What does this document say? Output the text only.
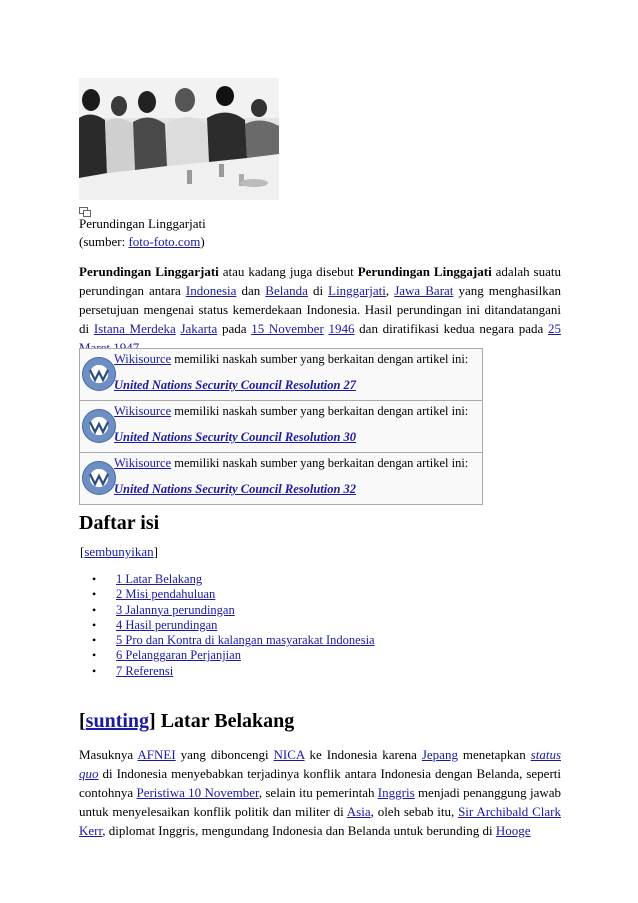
Perundingan Linggarjati
(sumber: foto-foto.com)
Perundingan Linggarjati atau kadang juga disebut Perundingan Linggajati adalah suatu perundingan antara Indonesia dan Belanda di Linggarjati, Jawa Barat yang menghasilkan persetujuan mengenai status kemerdekaan Indonesia. Hasil perundingan ini ditandatangani di Istana Merdeka Jakarta pada 15 November 1946 dan diratifikasi kedua negara pada 25
Wikisource memiliki naskah sumber yang berkaitan dengan artikel ini:
United Nations Security Council Resolution 27
Wikisource memiliki naskah sumber yang berkaitan dengan artikel ini:
United Nations Security Council Resolution 30
Wikisource memiliki naskah sumber yang berkaitan dengan artikel ini:
United Nations Security Council Resolution 32
Daftar isi
[sembunyikan]
• 1 Latar Belakang
• 2 Misi pendahuluan
• 3 Jalannya perundingan
• 4 Hasil perundingan
• 5 Pro dan Kontra di kalangan masyarakat Indonesia
• 6 Pelanggaran Perjanjian
• 7 Referensi
[sunting] Latar Belakang
Masuknya AFNEI yang diboncengi NICA ke Indonesia karena Jepang menetapkan status quo di Indonesia menyebabkan terjadinya konflik antara Indonesia dengan Belanda, seperti contohnya Peristiwa 10 November, selain itu pemerintah Inggris menjadi penanggung jawab untuk menyelesaikan konflik politik dan militer di Asia, oleh sebab itu, Sir Archibald Clark Kerr, diplomat Inggris, mengundang Indonesia dan Belanda untuk berunding di Hooge
